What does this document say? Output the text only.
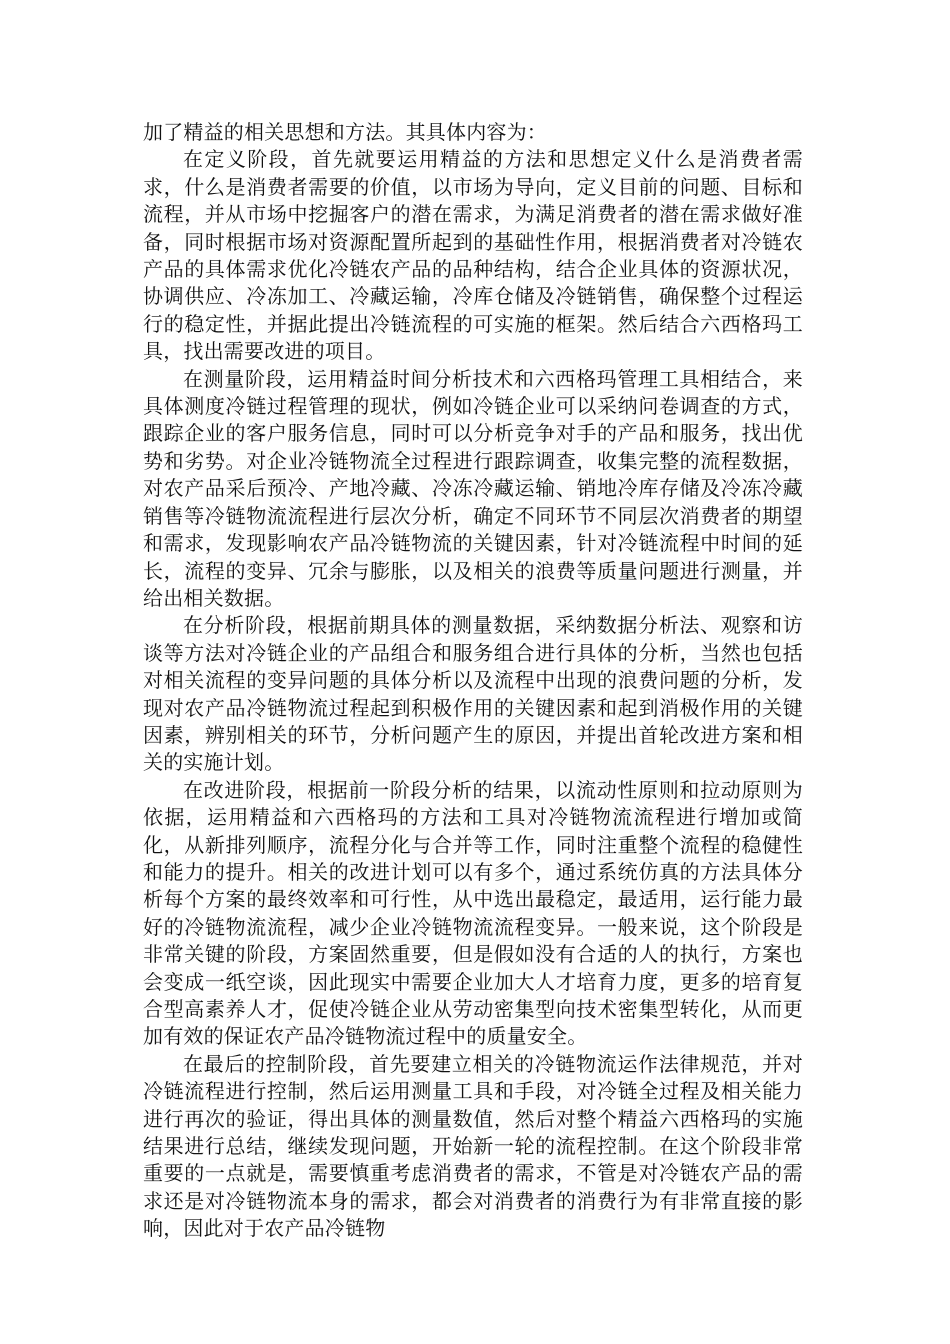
加了精益的相关思想和方法。其具体内容为：

在定义阶段，首先就要运用精益的方法和思想定义什么是消费者需求，什么是消费者需要的价值，以市场为导向，定义目前的问题、目标和流程，并从市场中挖掘客户的潜在需求，为满足消费者的潜在需求做好准备，同时根据市场对资源配置所起到的基础性作用，根据消费者对冷链农产品的具体需求优化冷链农产品的品种结构，结合企业具体的资源状况，协调供应、冷冻加工、冷藏运输，冷库仓储及冷链销售，确保整个过程运行的稳定性，并据此提出冷链流程的可实施的框架。然后结合六西格玛工具，找出需要改进的项目。

在测量阶段，运用精益时间分析技术和六西格玛管理工具相结合，来具体测度冷链过程管理的现状，例如冷链企业可以采纳问卷调查的方式，跟踪企业的客户服务信息，同时可以分析竞争对手的产品和服务，找出优势和劣势。对企业冷链物流全过程进行跟踪调查，收集完整的流程数据，对农产品采后预冷、产地冷藏、冷冻冷藏运输、销地冷库存储及冷冻冷藏销售等冷链物流流程进行层次分析，确定不同环节不同层次消费者的期望和需求，发现影响农产品冷链物流的关键因素，针对冷链流程中时间的延长，流程的变异、冗余与膨胀，以及相关的浪费等质量问题进行测量，并给出相关数据。

在分析阶段，根据前期具体的测量数据，采纳数据分析法、观察和访谈等方法对冷链企业的产品组合和服务组合进行具体的分析，当然也包括对相关流程的变异问题的具体分析以及流程中出现的浪费问题的分析，发现对农产品冷链物流过程起到积极作用的关键因素和起到消极作用的关键因素，辨别相关的环节，分析问题产生的原因，并提出首轮改进方案和相关的实施计划。

在改进阶段，根据前一阶段分析的结果，以流动性原则和拉动原则为依据，运用精益和六西格玛的方法和工具对冷链物流流程进行增加或简化，从新排列顺序，流程分化与合并等工作，同时注重整个流程的稳健性和能力的提升。相关的改进计划可以有多个，通过系统仿真的方法具体分析每个方案的最终效率和可行性，从中选出最稳定，最适用，运行能力最好的冷链物流流程，减少企业冷链物流流程变异。一般来说，这个阶段是非常关键的阶段，方案固然重要，但是假如没有合适的人的执行，方案也会变成一纸空谈，因此现实中需要企业加大人才培育力度，更多的培育复合型高素养人才，促使冷链企业从劳动密集型向技术密集型转化，从而更加有效的保证农产品冷链物流过程中的质量安全。

在最后的控制阶段，首先要建立相关的冷链物流运作法律规范，并对冷链流程进行控制，然后运用测量工具和手段，对冷链全过程及相关能力进行再次的验证，得出具体的测量数值，然后对整个精益六西格玛的实施结果进行总结，继续发现问题，开始新一轮的流程控制。在这个阶段非常重要的一点就是，需要慎重考虑消费者的需求，不管是对冷链农产品的需求还是对冷链物流本身的需求，都会对消费者的消费行为有非常直接的影响，因此对于农产品冷链物
